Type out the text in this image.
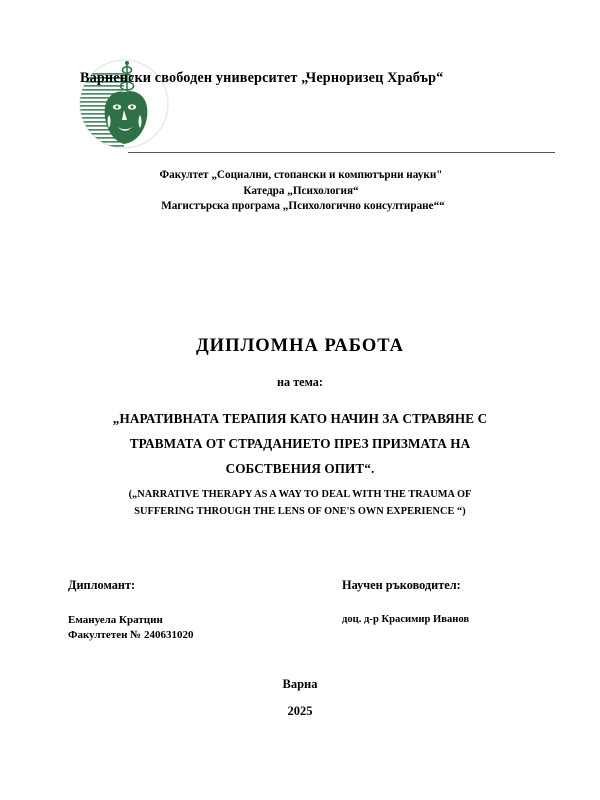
Варненски свободен университет „Черноризец Храбър“
Факултет „Социални, стопански и компютърни науки"
Катедра „Психология“
Магистърска програма „Психологично консултиране““
ДИПЛОМНА РАБОТА
на тема:
„НАРАТИВНАТА ТЕРАПИЯ КАТО НАЧИН ЗА СТРАВЯНЕ С
ТРАВМАТА ОТ СТРАДАНИЕТО ПРЕЗ ПРИЗМАТА НА
СОБСТВЕНИЯ ОПИТ“.
(„NARRATIVE THERAPY AS A WAY TO DEAL WITH THE TRAUMA OF
SUFFERING THROUGH THE LENS OF ONE'S OWN EXPERIENCE “)
Дипломант:
Емануела Кратцин
Факултетен № 240631020
Научен ръководител:
доц. д-р Красимир Иванов
Варна
2025
